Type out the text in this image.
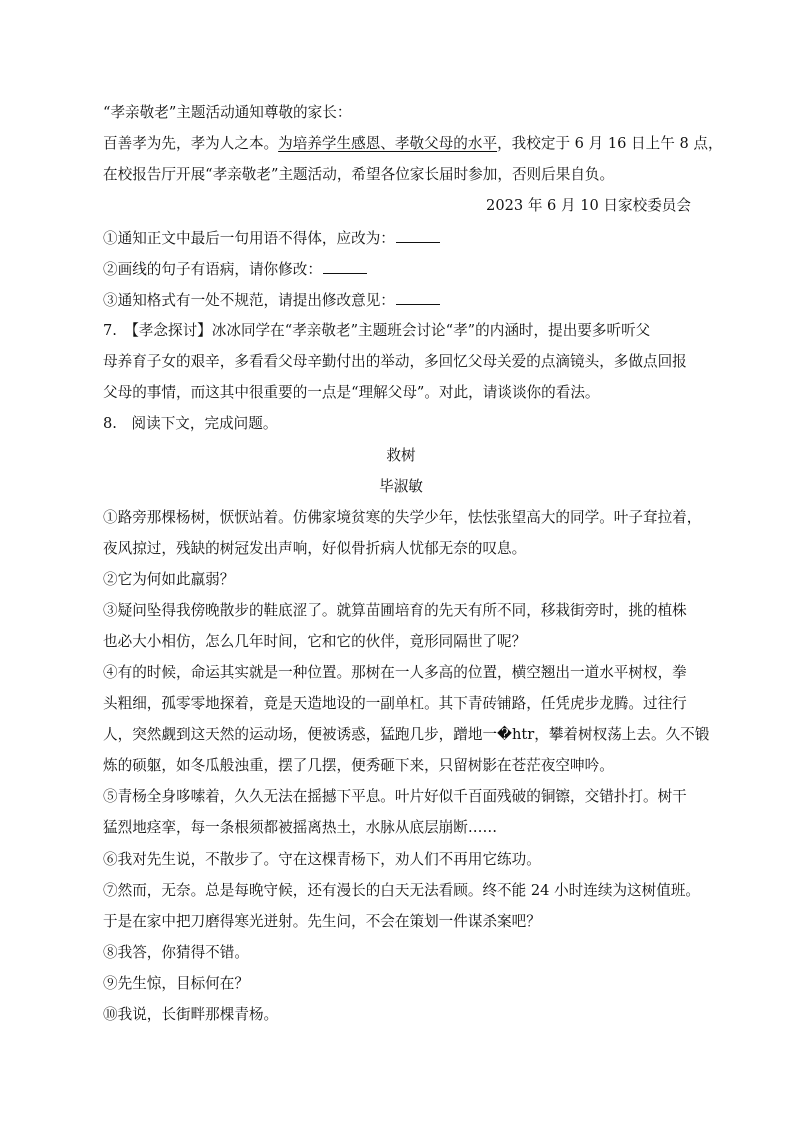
“孝亲敬老”主题活动通知尊敬的家长：
百善孝为先，孝为人之本。为培养学生感恩、孝敬父母的水平，我校定于 6 月 16 日上午 8 点，
在校报告厅开展“孝亲敬老”主题活动，希望各位家长届时参加，否则后果自负。
2023 年 6 月 10 日家校委员会
①通知正文中最后一句用语不得体，应改为：
②画线的句子有语病，请你修改：
③通知格式有一处不规范，请提出修改意见：
7.　【孝念探讨】冰冰同学在“孝亲敬老”主题班会讨论“孝”的内涵时，提出要多听听父
母养育子女的艰辛，多看看父母辛勤付出的举动，多回忆父母关爱的点滴镜头，多做点回报
父母的事情，而这其中很重要的一点是“理解父母”。对此，请谈谈你的看法。
8.　阅读下文，完成问题。
救树
毕淑敏
①路旁那棵杨树，恹恹站着。仿佛家境贫寒的失学少年，怯怯张望高大的同学。叶子耷拉着，
夜风掠过，残缺的树冠发出声响，好似骨折病人忧郁无奈的叹息。
②它为何如此羸弱？
③疑问坠得我傍晚散步的鞋底涩了。就算苗圃培育的先天有所不同，移栽街旁时，挑的植株
也必大小相仿，怎么几年时间，它和它的伙伴，竟形同隔世了呢？
④有的时候，命运其实就是一种位置。那树在一人多高的位置，横空翘出一道水平树杈，拳
头粗细，孤零零地探着，竟是天造地设的一副单杠。其下青砖铺路，任凭虎步龙腾。过往行
人，突然觑到这天然的运动场，便被诱惑，猛跑几步，蹭地一�htr，攀着树杈荡上去。久不锻
炼的硕躯，如冬瓜般浊重，摆了几摆，便秀砸下来，只留树影在苍茫夜空呻吟。
⑤青杨全身哆嗦着，久久无法在摇撼下平息。叶片好似千百面残破的铜镲，交错扑打。树干
猛烈地痉挛，每一条根须都被摇离热土，水脉从底层崩断……
⑥我对先生说，不散步了。守在这棵青杨下，劝人们不再用它练功。
⑦然而，无奈。总是每晚守候，还有漫长的白天无法看顾。终不能 24 小时连续为这树值班。
于是在家中把刀磨得寒光迸射。先生问，不会在策划一件谋杀案吧？
⑧我答，你猜得不错。
⑨先生惊，目标何在？
⑩我说，长街畔那棵青杨。
